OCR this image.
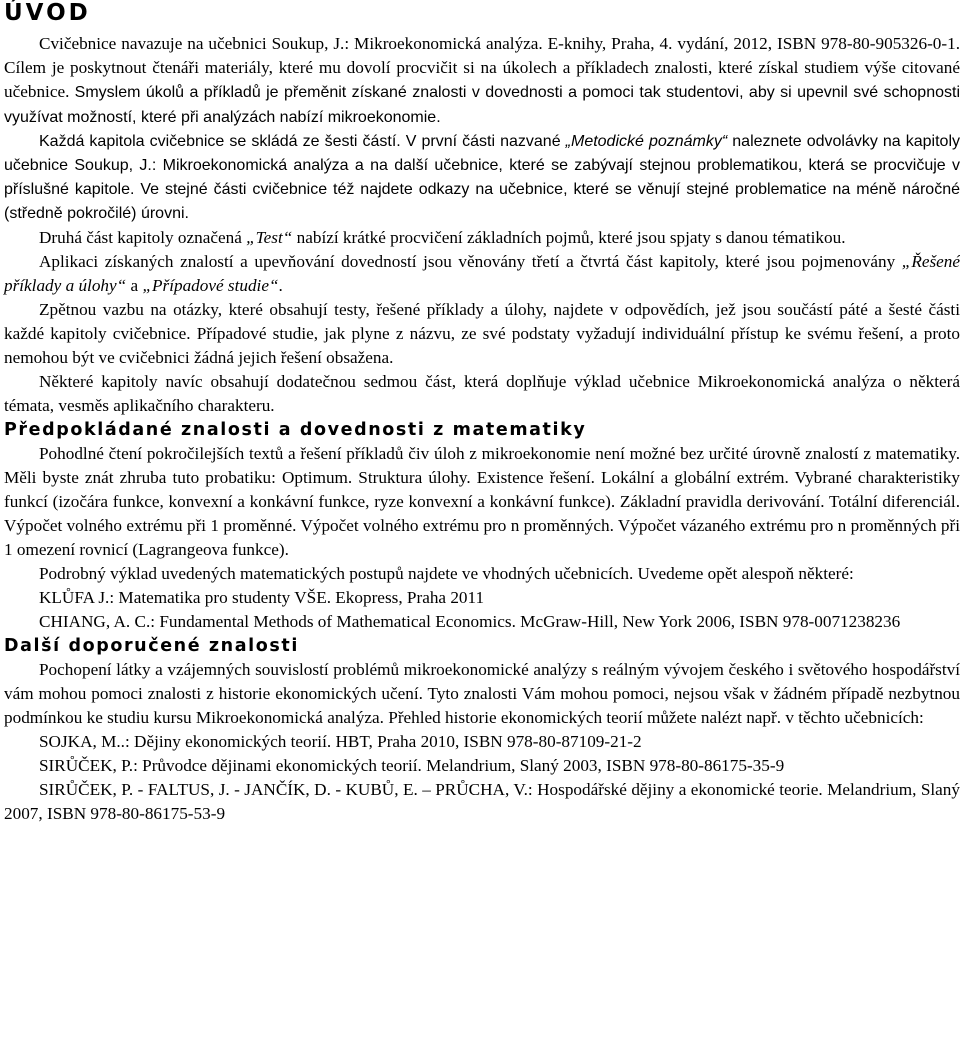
ÚVOD

Cvičebnice navazuje na učebnici Soukup, J.: Mikroekonomická analýza. E-knihy, Praha, 4. vydání, 2012, ISBN 978-80-905326-0-1. Cílem je poskytnout čtenáři materiály, které mu dovolí procvičit si na úkolech a příkladech znalosti, které získal studiem výše citované učebnice. Smyslem úkolů a příkladů je přeměnit získané znalosti v dovednosti a pomoci tak studentovi, aby si upevnil své schopnosti využívat možností, které při analýzách nabízí mikroekonomie.

Každá kapitola cvičebnice se skládá ze šesti částí. V první části nazvané „Metodické poznámky“ naleznete odvolávky na kapitoly učebnice Soukup, J.: Mikroekonomická analýza a na další učebnice, které se zabývají stejnou problematikou, která se procvičuje v příslušné kapitole. Ve stejné části cvičebnice též najdete odkazy na učebnice, které se věnují stejné problematice na méně náročné (středně pokročilé) úrovni.

Druhá část kapitoly označená „Test“ nabízí krátké procvičení základních pojmů, které jsou spjaty s danou tématikou.

Aplikaci získaných znalostí a upevňování dovedností jsou věnovány třetí a čtvrtá část kapitoly, které jsou pojmenovány „Řešené příklady a úlohy“ a „Případové studie“.

Zpětnou vazbu na otázky, které obsahují testy, řešené příklady a úlohy, najdete v odpovědích, jež jsou součástí páté a šesté části každé kapitoly cvičebnice. Případové studie, jak plyne z názvu, ze své podstaty vyžadují individuální přístup ke svému řešení, a proto nemohou být ve cvičebnici žádná jejich řešení obsažena.

Některé kapitoly navíc obsahují dodatečnou sedmou část, která doplňuje výklad učebnice Mikroekonomická analýza o některá témata, vesměs aplikačního charakteru.

Předpokládané znalosti a dovednosti z matematiky

Pohodlné čtení pokročilejších textů a řešení příkladů čiv úloh z mikroekonomie není možné bez určité úrovně znalostí z matematiky. Měli byste znát zhruba tuto probatiku: Optimum. Struktura úlohy. Existence řešení. Lokální a globální extrém. Vybrané charakteristiky funkcí (izočára funkce, konvexní a konkávní funkce, ryze konvexní a konkávní funkce). Základní pravidla derivování. Totální diferenciál. Výpočet volného extrému při 1 proměnné. Výpočet volného extrému pro n proměnných. Výpočet vázaného extrému pro n proměnných při 1 omezení rovnicí (Lagrangeova funkce).

Podrobný výklad uvedených matematických postupů najdete ve vhodných učebnicích. Uvedeme opět alespoň některé:

KLŮFA J.: Matematika pro studenty VŠE. Ekopress, Praha 2011

CHIANG, A. C.: Fundamental Methods of Mathematical Economics. McGraw-Hill, New York 2006, ISBN 978-0071238236

Další doporučené znalosti

Pochopení látky a vzájemných souvislostí problémů mikroekonomické analýzy s reálným vývojem českého i světového hospodářství vám mohou pomoci znalosti z historie ekonomických učení. Tyto znalosti Vám mohou pomoci, nejsou však v žádném případě nezbytnou podmínkou ke studiu kursu Mikroekonomická analýza. Přehled historie ekonomických teorií můžete nalézt např. v těchto učebnicích:

SOJKA, M..: Dějiny ekonomických teorií. HBT, Praha 2010, ISBN 978-80-87109-21-2

SIRŮČEK, P.: Průvodce dějinami ekonomických teorií. Melandrium, Slaný 2003, ISBN 978-80-86175-35-9

SIRŮČEK, P. - FALTUS, J. - JANČÍK, D. - KUBŮ, E. – PRŮCHA, V.: Hospodářské dějiny a ekonomické teorie. Melandrium, Slaný 2007, ISBN 978-80-86175-53-9
